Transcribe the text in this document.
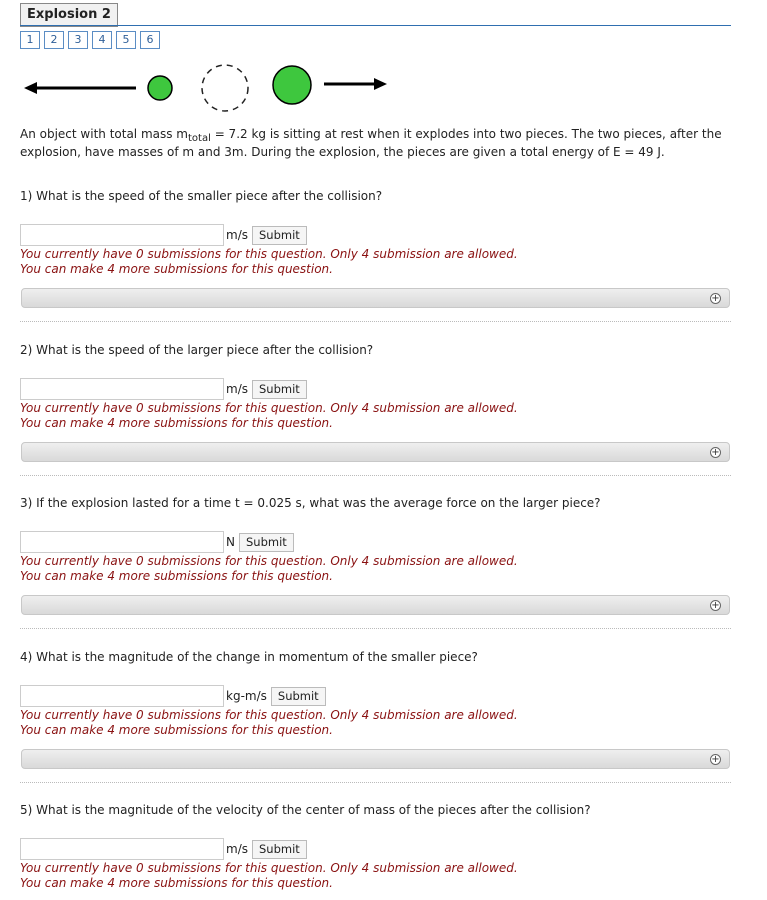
Explosion 2
1	2	3	4	5	6
An object with total mass $m_{total} = 7.2$ kg is sitting at rest when it explodes into two pieces. The two pieces, after the explosion, have masses of m and 3m. During the explosion, the pieces are given a total energy of E = 49 J.
1) What is the speed of the smaller piece after the collision?
m/s Submit
You currently have 0 submissions for this question. Only 4 submission are allowed.
You can make 4 more submissions for this question.
+
2) What is the speed of the larger piece after the collision?
m/s Submit
You currently have 0 submissions for this question. Only 4 submission are allowed.
You can make 4 more submissions for this question.
+
3) If the explosion lasted for a time t = 0.025 s, what was the average force on the larger piece?
N Submit
You currently have 0 submissions for this question. Only 4 submission are allowed.
You can make 4 more submissions for this question.
+
4) What is the magnitude of the change in momentum of the smaller piece?
kg-m/s Submit
You currently have 0 submissions for this question. Only 4 submission are allowed.
You can make 4 more submissions for this question.
+
5) What is the magnitude of the velocity of the center of mass of the pieces after the collision?
m/s Submit
You currently have 0 submissions for this question. Only 4 submission are allowed.
You can make 4 more submissions for this question.
